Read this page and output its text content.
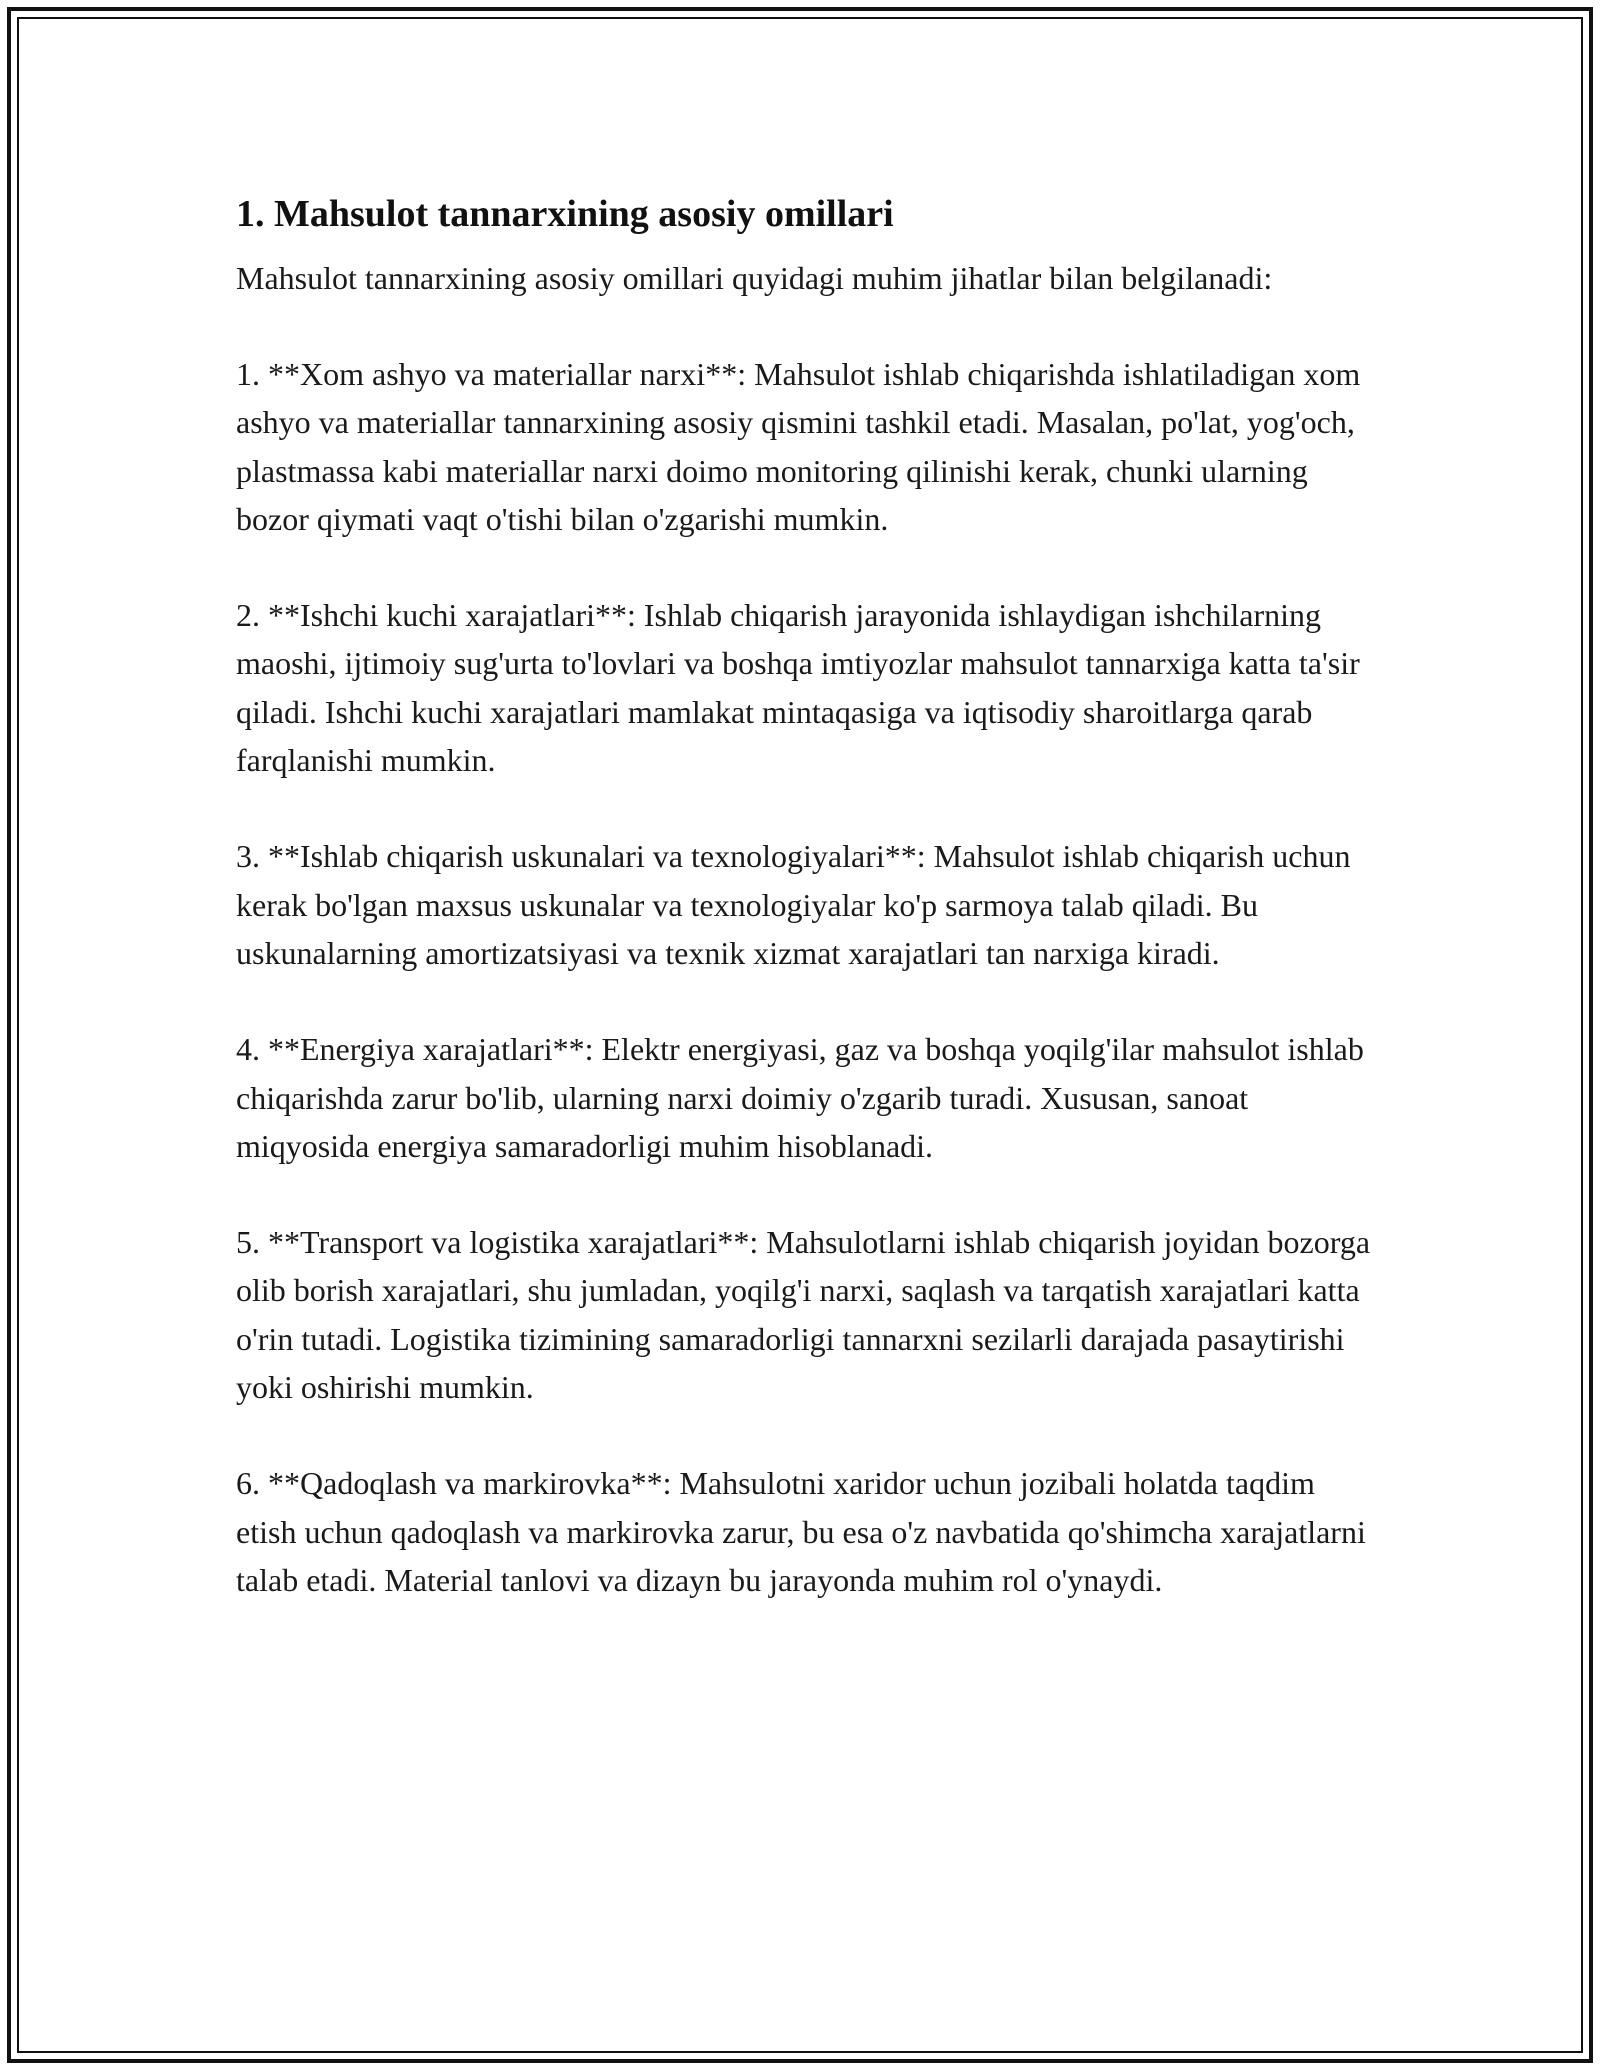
1. Mahsulot tannarxining asosiy omillari

Mahsulot tannarxining asosiy omillari quyidagi muhim jihatlar bilan belgilanadi:

1. **Xom ashyo va materiallar narxi**: Mahsulot ishlab chiqarishda ishlatiladigan xom ashyo va materiallar tannarxining asosiy qismini tashkil etadi. Masalan, po'lat, yog'och, plastmassa kabi materiallar narxi doimo monitoring qilinishi kerak, chunki ularning bozor qiymati vaqt o'tishi bilan o'zgarishi mumkin.

2. **Ishchi kuchi xarajatlari**: Ishlab chiqarish jarayonida ishlaydigan ishchilarning maoshi, ijtimoiy sug'urta to'lovlari va boshqa imtiyozlar mahsulot tannarxiga katta ta'sir qiladi. Ishchi kuchi xarajatlari mamlakat mintaqasiga va iqtisodiy sharoitlarga qarab farqlanishi mumkin.

3. **Ishlab chiqarish uskunalari va texnologiyalari**: Mahsulot ishlab chiqarish uchun kerak bo'lgan maxsus uskunalar va texnologiyalar ko'p sarmoya talab qiladi. Bu uskunalarning amortizatsiyasi va texnik xizmat xarajatlari tan narxiga kiradi.

4. **Energiya xarajatlari**: Elektr energiyasi, gaz va boshqa yoqilg'ilar mahsulot ishlab chiqarishda zarur bo'lib, ularning narxi doimiy o'zgarib turadi. Xususan, sanoat miqyosida energiya samaradorligi muhim hisoblanadi.

5. **Transport va logistika xarajatlari**: Mahsulotlarni ishlab chiqarish joyidan bozorga olib borish xarajatlari, shu jumladan, yoqilg'i narxi, saqlash va tarqatish xarajatlari katta o'rin tutadi. Logistika tizimining samaradorligi tannarxni sezilarli darajada pasaytirishi yoki oshirishi mumkin.

6. **Qadoqlash va markirovka**: Mahsulotni xaridor uchun jozibali holatda taqdim etish uchun qadoqlash va markirovka zarur, bu esa o'z navbatida qo'shimcha xarajatlarni talab etadi. Material tanlovi va dizayn bu jarayonda muhim rol o'ynaydi.
